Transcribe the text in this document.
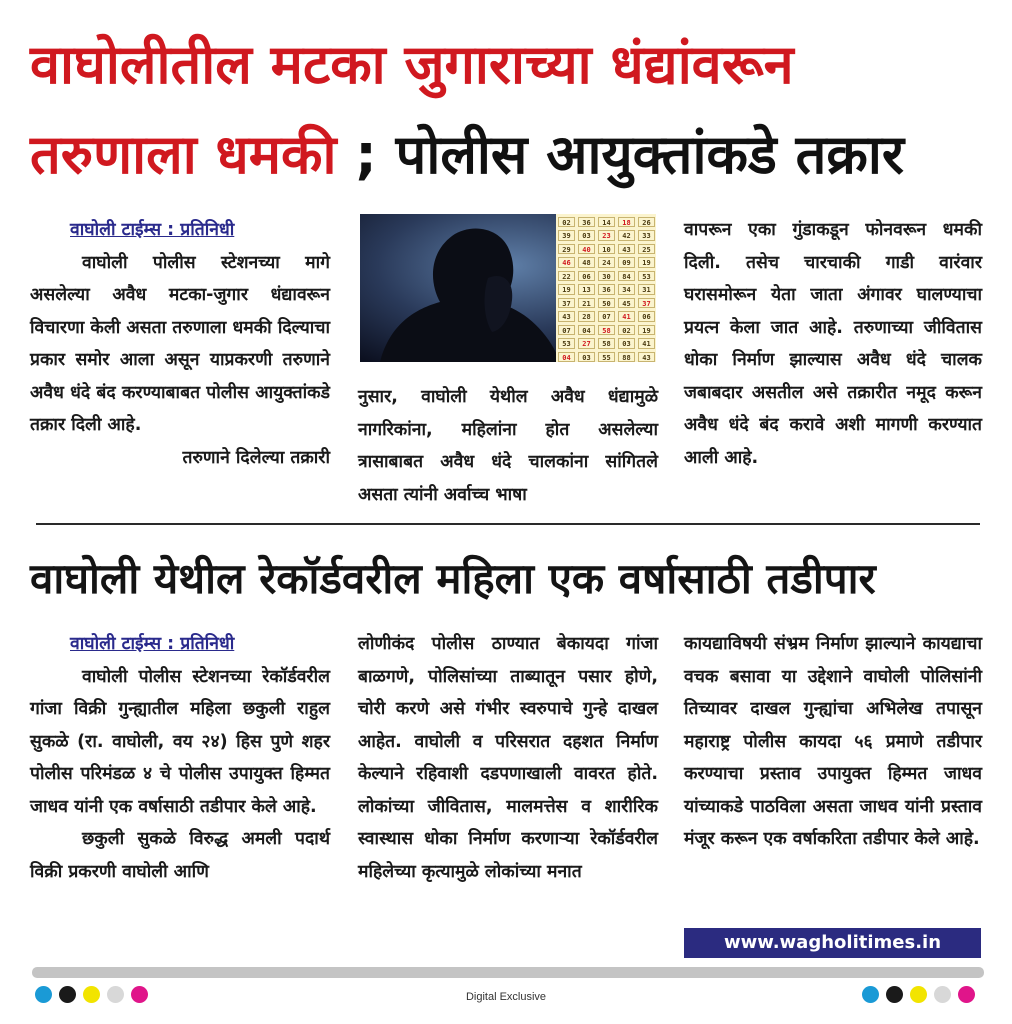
वाघोलीतील मटका जुगाराच्या धंद्यांवरून
तरुणाला धमकी ; पोलीस आयुक्तांकडे तक्रार

वाघोली टाईम्स : प्रतिनिधी

वाघोली पोलीस स्टेशनच्या मागे असलेल्या अवैध मटका-जुगार धंद्यावरून विचारणा केली असता तरुणाला धमकी दिल्याचा प्रकार समोर आला असून याप्रकरणी तरुणाने अवैध धंदे बंद करण्याबाबत पोलीस आयुक्तांकडे तक्रार दिली आहे.

तरुणाने दिलेल्या तक्रारी

02	36	14	18	26
39	03	23	42	33
29	40	10	43	25
46	48	24	09	19
22	06	30	84	53
19	13	36	34	31
37	21	50	45	37
43	28	07	41	06
07	04	58	02	19
53	27	58	03	41
04	03	55	88	43

नुसार, वाघोली येथील अवैध धंद्यामुळे नागरिकांना, महिलांना होत असलेल्या त्रासाबाबत अवैध धंदे चालकांना सांगितले असता त्यांनी अर्वाच्च भाषा

वापरून एका गुंडाकडून फोनवरून धमकी दिली. तसेच चारचाकी गाडी वारंवार घरासमोरून येता जाता अंगावर घालण्याचा प्रयत्न केला जात आहे. तरुणाच्या जीवितास धोका निर्माण झाल्यास अवैध धंदे चालक जबाबदार असतील असे तक्रारीत नमूद करून अवैध धंदे बंद करावे अशी मागणी करण्यात आली आहे.

वाघोली येथील रेकॉर्डवरील महिला एक वर्षासाठी तडीपार

वाघोली टाईम्स : प्रतिनिधी

वाघोली पोलीस स्टेशनच्या रेकॉर्डवरील गांजा विक्री गुन्ह्यातील महिला छकुली राहुल सुकळे (रा. वाघोली, वय २४) हिस पुणे शहर पोलीस परिमंडळ ४ चे पोलीस उपायुक्त हिम्मत जाधव यांनी एक वर्षासाठी तडीपार केले आहे.

छकुली सुकळे विरुद्ध अमली पदार्थ विक्री प्रकरणी वाघोली आणि

लोणीकंद पोलीस ठाण्यात बेकायदा गांजा बाळगणे, पोलिसांच्या ताब्यातून पसार होणे, चोरी करणे असे गंभीर स्वरुपाचे गुन्हे दाखल आहेत. वाघोली व परिसरात दहशत निर्माण केल्याने रहिवाशी दडपणाखाली वावरत होते. लोकांच्या जीवितास, मालमत्तेस व शारीरिक स्वास्थास धोका निर्माण करणाऱ्या रेकॉर्डवरील महिलेच्या कृत्यामुळे लोकांच्या मनात

कायद्याविषयी संभ्रम निर्माण झाल्याने कायद्याचा वचक बसावा या उद्देशाने वाघोली पोलिसांनी तिच्यावर दाखल गुन्ह्यांचा अभिलेख तपासून महाराष्ट्र पोलीस कायदा ५६ प्रमाणे तडीपार करण्याचा प्रस्ताव उपायुक्त हिम्मत जाधव यांच्याकडे पाठविला असता जाधव यांनी प्रस्ताव मंजूर करून एक वर्षाकरिता तडीपार केले आहे.

www.wagholitimes.in
Digital Exclusive
